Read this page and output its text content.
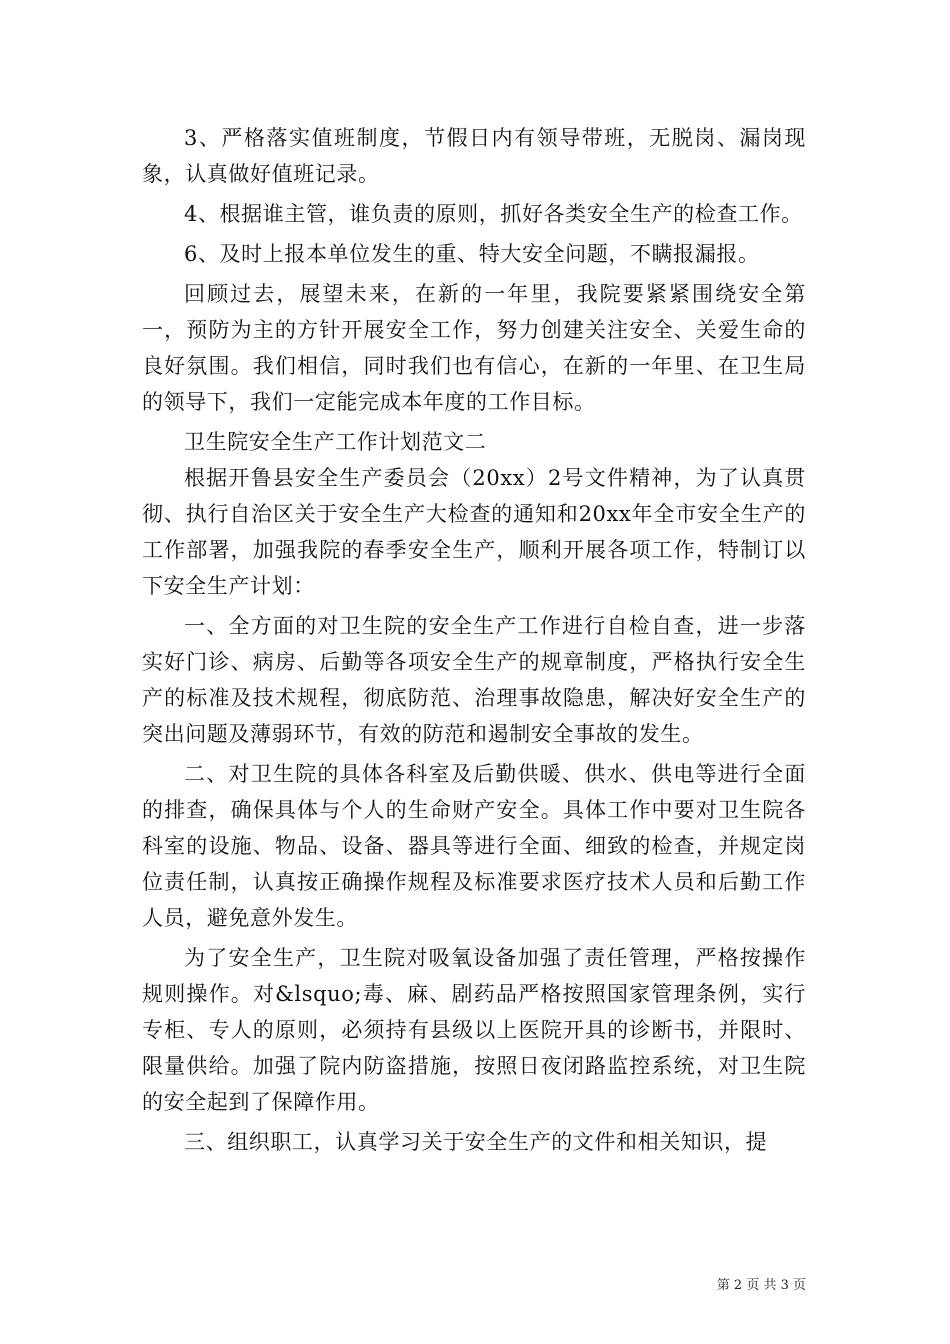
3、严格落实值班制度，节假日内有领导带班，无脱岗、漏岗现象，认真做好值班记录。

4、根据谁主管，谁负责的原则，抓好各类安全生产的检查工作。

6、及时上报本单位发生的重、特大安全问题，不瞒报漏报。

回顾过去，展望未来，在新的一年里，我院要紧紧围绕安全第一，预防为主的方针开展安全工作，努力创建关注安全、关爱生命的良好氛围。我们相信，同时我们也有信心，在新的一年里、在卫生局的领导下，我们一定能完成本年度的工作目标。

卫生院安全生产工作计划范文二

根据开鲁县安全生产委员会（20xx）2号文件精神，为了认真贯彻、执行自治区关于安全生产大检查的通知和20xx年全市安全生产的工作部署，加强我院的春季安全生产，顺利开展各项工作，特制订以下安全生产计划：

一、全方面的对卫生院的安全生产工作进行自检自查，进一步落实好门诊、病房、后勤等各项安全生产的规章制度，严格执行安全生产的标准及技术规程，彻底防范、治理事故隐患，解决好安全生产的突出问题及薄弱环节，有效的防范和遏制安全事故的发生。

二、对卫生院的具体各科室及后勤供暖、供水、供电等进行全面的排查，确保具体与个人的生命财产安全。具体工作中要对卫生院各科室的设施、物品、设备、器具等进行全面、细致的检查，并规定岗位责任制，认真按正确操作规程及标准要求医疗技术人员和后勤工作人员，避免意外发生。

为了安全生产，卫生院对吸氧设备加强了责任管理，严格按操作规则操作。对&lsquo;毒、麻、剧药品严格按照国家管理条例，实行专柜、专人的原则，必须持有县级以上医院开具的诊断书，并限时、限量供给。加强了院内防盗措施，按照日夜闭路监控系统，对卫生院的安全起到了保障作用。

三、组织职工，认真学习关于安全生产的文件和相关知识，提

第 2 页 共 3 页
